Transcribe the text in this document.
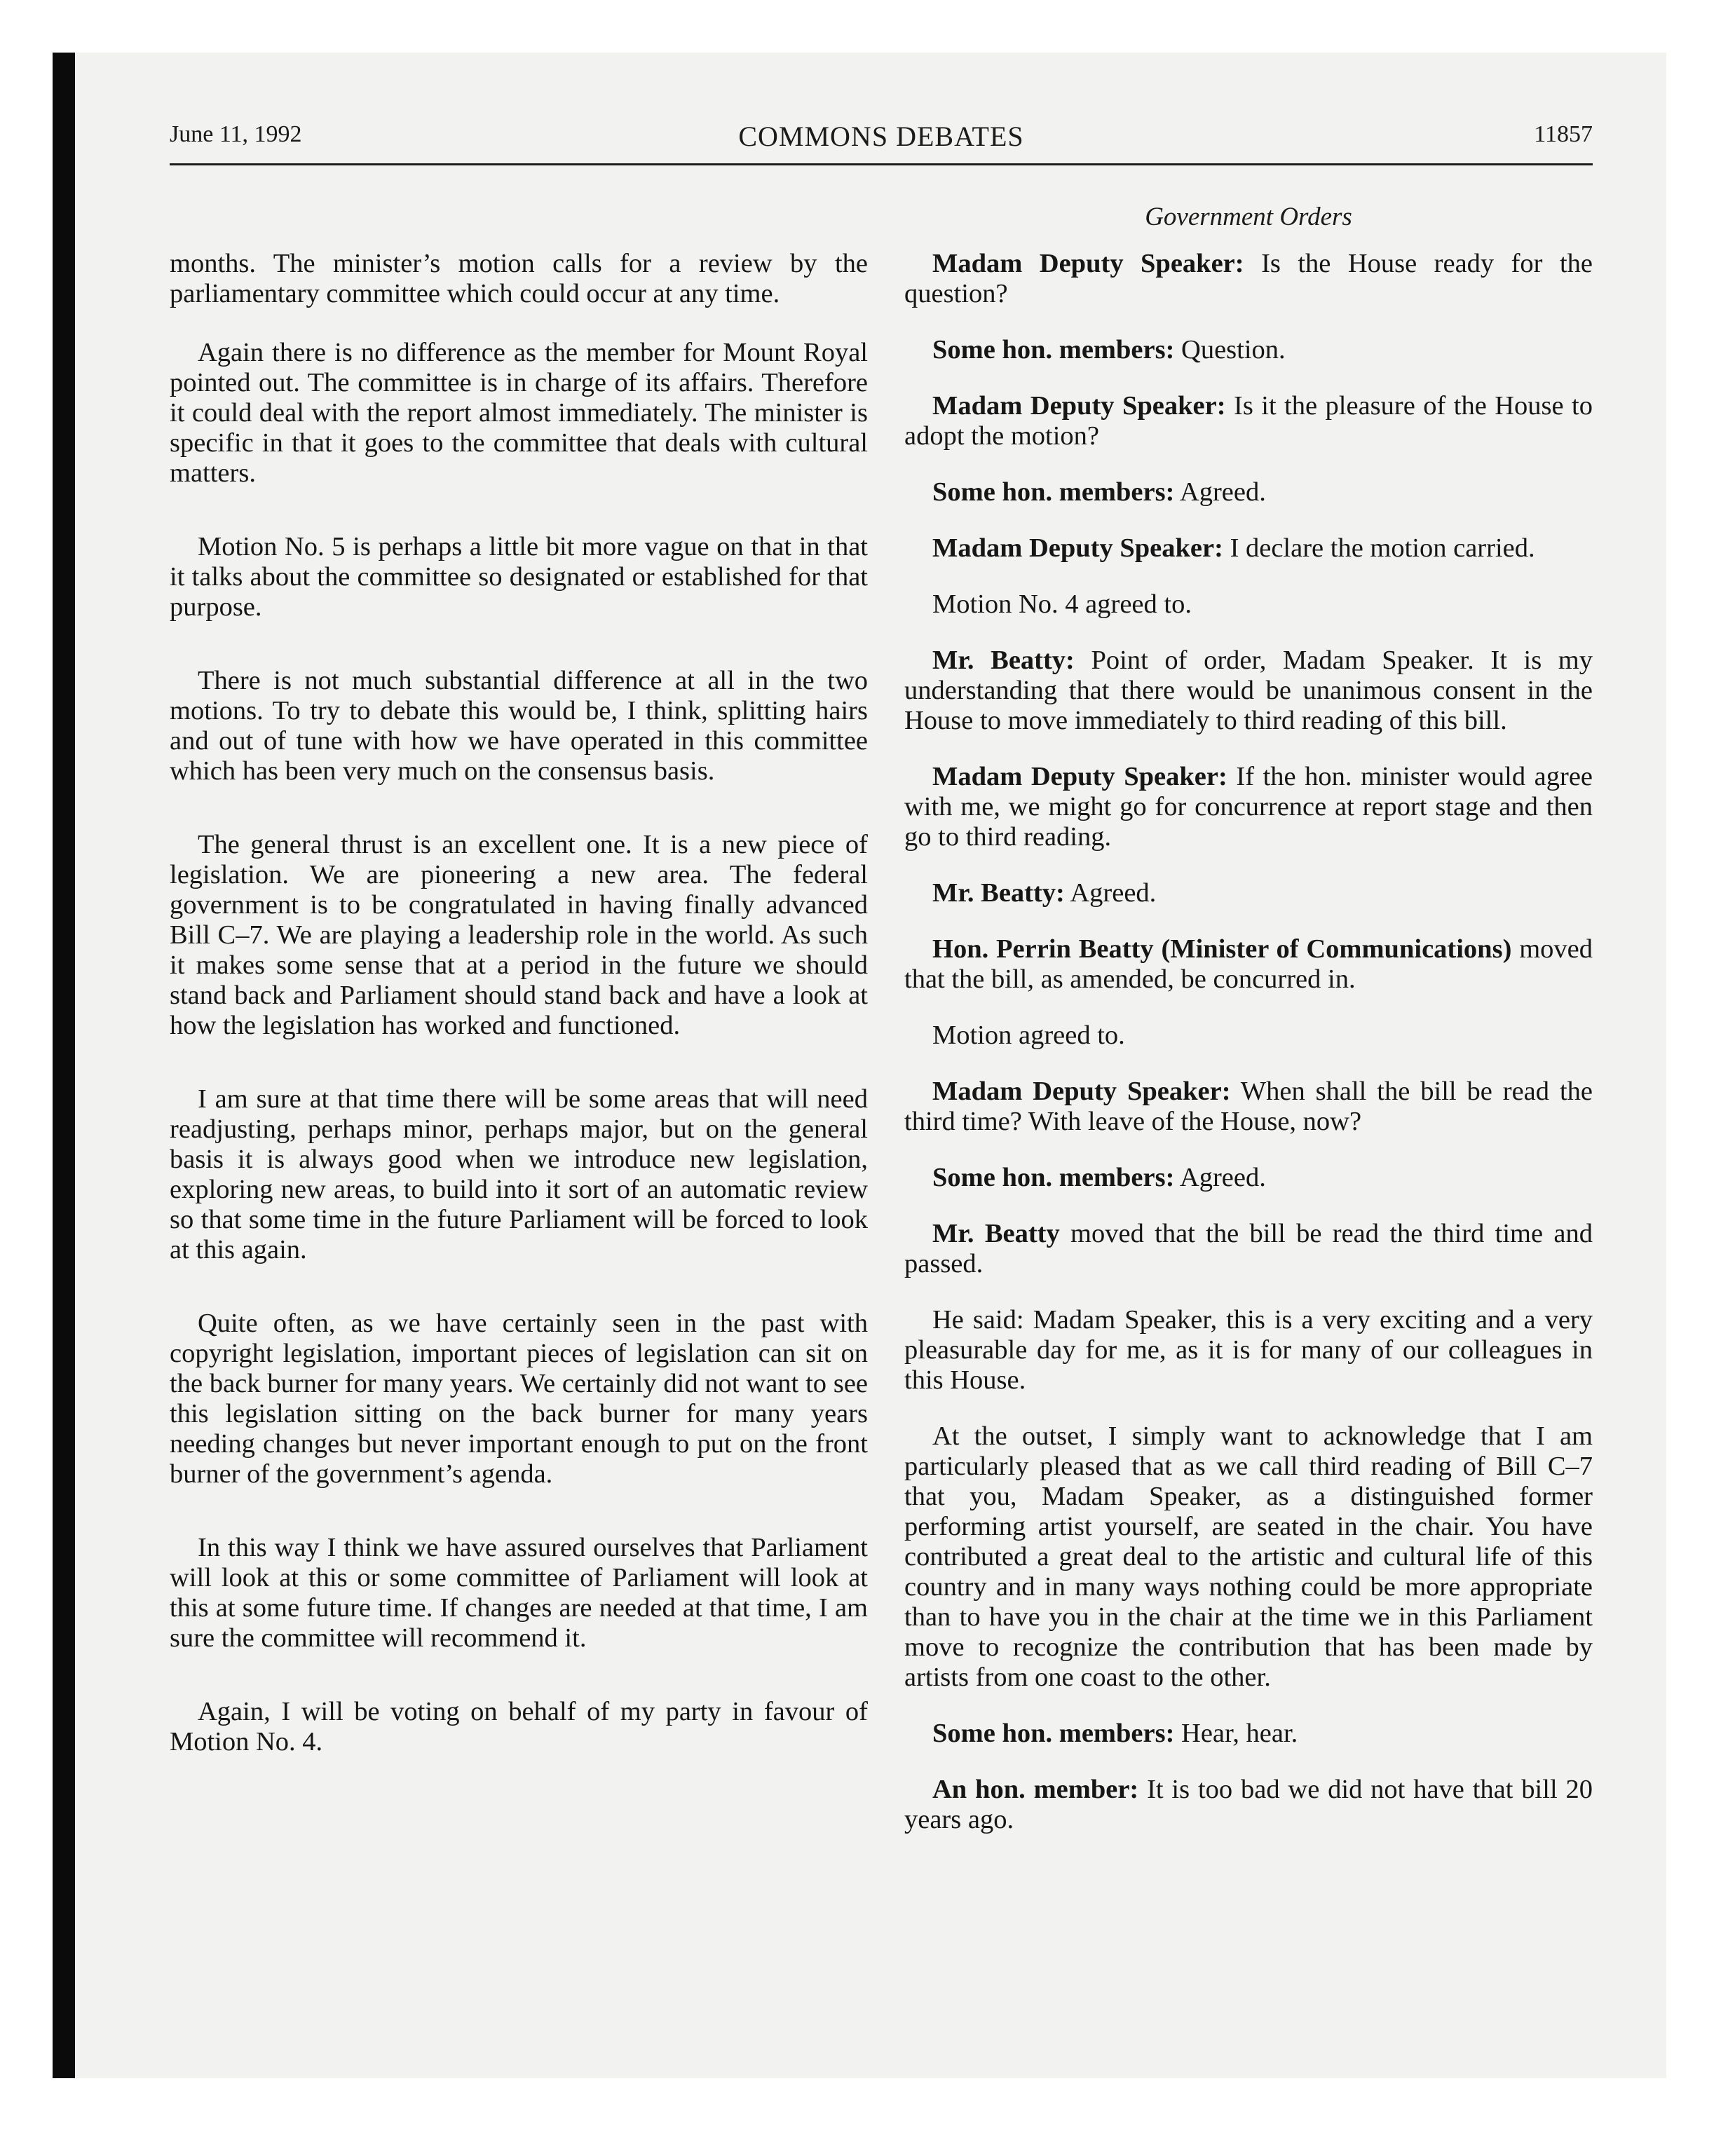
June 11, 1992	COMMONS DEBATES	11857
Government Orders

months. The minister’s motion calls for a review by the parliamentary committee which could occur at any time.

Again there is no difference as the member for Mount Royal pointed out. The committee is in charge of its affairs. Therefore it could deal with the report almost immediately. The minister is specific in that it goes to the committee that deals with cultural matters.

Motion No. 5 is perhaps a little bit more vague on that in that it talks about the committee so designated or established for that purpose.

There is not much substantial difference at all in the two motions. To try to debate this would be, I think, splitting hairs and out of tune with how we have operated in this committee which has been very much on the consensus basis.

The general thrust is an excellent one. It is a new piece of legislation. We are pioneering a new area. The federal government is to be congratulated in having finally advanced Bill C–7. We are playing a leadership role in the world. As such it makes some sense that at a period in the future we should stand back and Parliament should stand back and have a look at how the legislation has worked and functioned.

I am sure at that time there will be some areas that will need readjusting, perhaps minor, perhaps major, but on the general basis it is always good when we introduce new legislation, exploring new areas, to build into it sort of an automatic review so that some time in the future Parliament will be forced to look at this again.

Quite often, as we have certainly seen in the past with copyright legislation, important pieces of legislation can sit on the back burner for many years. We certainly did not want to see this legislation sitting on the back burner for many years needing changes but never important enough to put on the front burner of the government’s agenda.

In this way I think we have assured ourselves that Parliament will look at this or some committee of Parliament will look at this at some future time. If changes are needed at that time, I am sure the committee will recommend it.

Again, I will be voting on behalf of my party in favour of Motion No. 4.

Madam Deputy Speaker: Is the House ready for the question?

Some hon. members: Question.

Madam Deputy Speaker: Is it the pleasure of the House to adopt the motion?

Some hon. members: Agreed.

Madam Deputy Speaker: I declare the motion carried.

Motion No. 4 agreed to.

Mr. Beatty: Point of order, Madam Speaker. It is my understanding that there would be unanimous consent in the House to move immediately to third reading of this bill.

Madam Deputy Speaker: If the hon. minister would agree with me, we might go for concurrence at report stage and then go to third reading.

Mr. Beatty: Agreed.

Hon. Perrin Beatty (Minister of Communications) moved that the bill, as amended, be concurred in.

Motion agreed to.

Madam Deputy Speaker: When shall the bill be read the third time? With leave of the House, now?

Some hon. members: Agreed.

Mr. Beatty moved that the bill be read the third time and passed.

He said: Madam Speaker, this is a very exciting and a very pleasurable day for me, as it is for many of our colleagues in this House.

At the outset, I simply want to acknowledge that I am particularly pleased that as we call third reading of Bill C–7 that you, Madam Speaker, as a distinguished former performing artist yourself, are seated in the chair. You have contributed a great deal to the artistic and cultural life of this country and in many ways nothing could be more appropriate than to have you in the chair at the time we in this Parliament move to recognize the contribution that has been made by artists from one coast to the other.

Some hon. members: Hear, hear.

An hon. member: It is too bad we did not have that bill 20 years ago.
